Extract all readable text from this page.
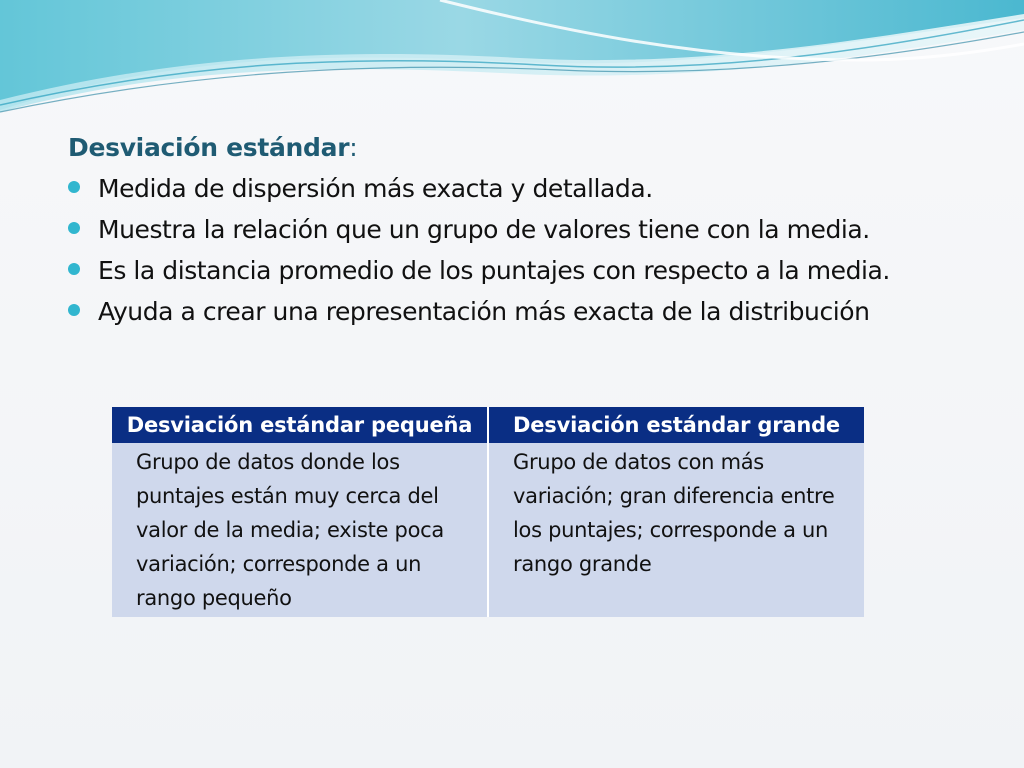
Desviación estándar:
Medida de dispersión más exacta y detallada.
Muestra la relación que un grupo de valores tiene con la media.
Es la distancia promedio de los puntajes con respecto a la media.
Ayuda a crear una representación más exacta de la distribución
Desviación estándar pequeña	Desviación estándar grande
Grupo de datos donde los puntajes están muy cerca del valor de la media; existe poca variación; corresponde a un rango pequeño	Grupo de datos con más variación; gran diferencia entre los puntajes; corresponde a un rango grande
